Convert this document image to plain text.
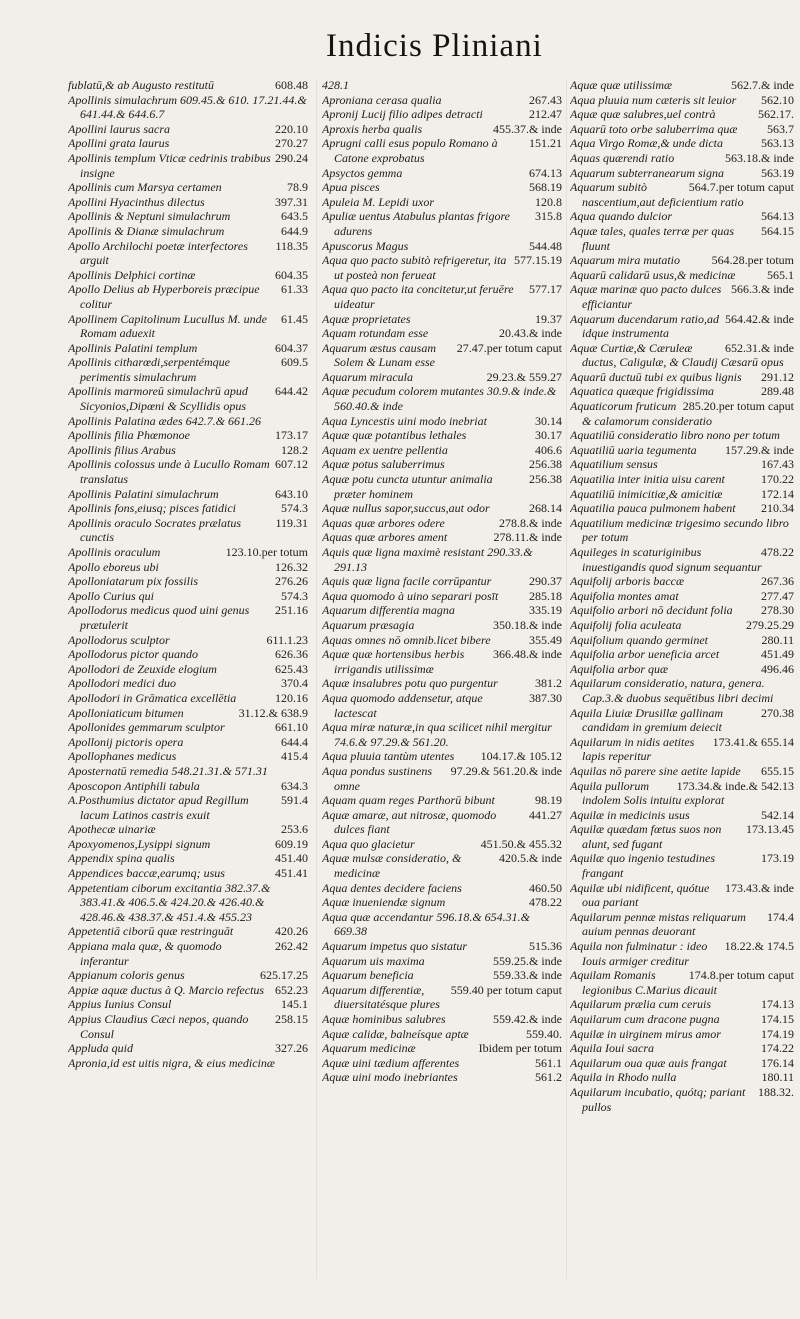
Indicis Pliniani
608.48
fublatū,& ab Augusto restitutū
Apollinis simulachrum 609.45.& 610. 17.21.44.& 641.44.& 644.6.7
220.10
Apollini laurus sacra
270.27
Apollini grata laurus
290.24
Apollinis templum Vticæ cedrinis trabibus insigne
78.9
Apollinis cum Marsya certamen
397.31
Apollini Hyacinthus dilectus
643.5
Apollinis & Neptuni simulachrum
644.9
Apollinis & Dianæ simulachrum
118.35
Apollo Archilochi poetæ interfectores arguit
604.35
Apollinis Delphici cortinæ
61.33
Apollo Delius ab Hyperboreis præcipue colitur
61.45
Apollinem Capitolinum Lucullus M. unde Romam aduexit
604.37
Apollinis Palatini templum
609.5
Apollinis citharœdi,serpentémque perimentis simulachrum
644.42
Apollinis marmoreū simulachrū apud Sicyonios,Dipœni & Scyllidis opus
Apollinis Palatina ædes 642.7.& 661.26
173.17
Apollinis filia Phœmonoe
128.2
Apollinis filius Arabus
607.12
Apollinis colossus unde à Lucullo Romam translatus
643.10
Apollinis Palatini simulachrum
574.3
Apollinis fons,eiusq; pisces fatidici
119.31
Apollinis oraculo Socrates prælatus cunctis
123.10.per totum
Apollinis oraculum
126.32
Apollo eboreus ubi
276.26
Apolloniatarum pix fossilis
574.3
Apollo Curius qui
251.16
Apollodorus medicus quod uini genus prætulerit
611.1.23
Apollodorus sculptor
626.36
Apollodorus pictor quando
625.43
Apollodori de Zeuxide elogium
370.4
Apollodori medici duo
120.16
Apollodori in Grāmatica excellētia
31.12.& 638.9
Apolloniaticum bitumen
661.10
Apollonides gemmarum sculptor
644.4
Apollonij pictoris opera
415.4
Apollophanes medicus
Aposternatū remedia 548.21.31.& 571.31
634.3
Aposcopon Antiphili tabula
591.4
A.Posthumius dictator apud Regillum lacum Latinos castris exuit
253.6
Apothecæ uinariæ
609.19
Apoxyomenos,Lysippi signum
451.40
Appendix spina qualis
451.41
Appendices baccæ,earumq; usus
Appetentiam ciborum excitantia 382.37.& 383.41.& 406.5.& 424.20.& 426.40.& 428.46.& 438.37.& 451.4.& 455.23
420.26
Appetentiā ciborū quæ restringuāt
262.42
Appiana mala quæ, & quomodo inferantur
625.17.25
Appianum coloris genus
652.23
Appiæ aquæ ductus à Q. Marcio refectus
145.1
Appius Iunius Consul
258.15
Appius Claudius Cæci nepos, quando Consul
327.26
Appluda quid
Apronia,id est uitis nigra, & eius medicinæ
428.1
267.43
Aproniana cerasa qualia
212.47
Apronij Lucij filio adipes detracti
455.37.& inde
Aproxis herba qualis
151.21
Aprugni calli esus populo Romano à Catone exprobatus
674.13
Apsyctos gemma
568.19
Apua pisces
120.8
Apuleia M. Lepidi uxor
315.8
Apuliæ uentus Atabulus plantas frigore adurens
544.48
Apuscorus Magus
577.15.19
Aqua quo pacto subitò refrigeretur, ita ut posteà non ferueat
577.17
Aqua quo pacto ita concitetur,ut feruēre uideatur
19.37
Aquæ proprietates
20.43.& inde
Aquam rotundam esse
27.47.per totum caput
Aquarum æstus causam Solem & Lunam esse
29.23.& 559.27
Aquarum miracula
Aquæ pecudum colorem mutantes 30.9.& inde.& 560.40.& inde
30.14
Aqua Lyncestis uini modo inebriat
30.17
Aquæ quæ potantibus lethales
406.6
Aquam ex uentre pellentia
256.38
Aquæ potus saluberrimus
256.38
Aquæ potu cuncta utuntur animalia præter hominem
268.14
Aquæ nullus sapor,succus,aut odor
278.8.& inde
Aquas quæ arbores odere
278.11.& inde
Aquas quæ arbores ament
Aquis quæ ligna maximè resistant 290.33.& 291.13
290.37
Aquis quæ ligna facile corrūpantur
285.18
Aqua quomodo à uino separari posīt
335.19
Aquarum differentia magna
350.18.& inde
Aquarum præsagia
355.49
Aquas omnes nō omnib.licet bibere
366.48.& inde
Aquæ quæ hortensibus herbis irrigandis utilissimæ
381.2
Aquæ insalubres potu quo purgentur
387.30
Aqua quomodo addensetur, atque lactescat
Aqua miræ naturæ,in qua scilicet nihil mergitur 74.6.& 97.29.& 561.20.
104.17.& 105.12
Aqua pluuia tantùm utentes
97.29.& 561.20.& inde
Aqua pondus sustinens omne
98.19
Aquam quam reges Parthorū bibunt
441.27
Aquæ amaræ, aut nitrosæ, quomodo dulces fiant
451.50.& 455.32
Aqua quo glacietur
420.5.& inde
Aquæ mulsæ consideratio, & medicinæ
460.50
Aqua dentes decidere faciens
478.22
Aquæ inueniendæ signum
Aqua quæ accendantur 596.18.& 654.31.& 669.38
515.36
Aquarum impetus quo sistatur
559.25.& inde
Aquarum uis maxima
559.33.& inde
Aquarum beneficia
559.40 per totum caput
Aquarum differentiæ, diuersitatésque plures
559.42.& inde
Aquæ hominibus salubres
559.40.
Aquæ calidæ, balneísque aptæ
Ibidem per totum
Aquarum medicinæ
561.1
Aquæ uini tædium afferentes
561.2
Aquæ uini modo inebriantes
562.7.& inde
Aquæ quæ utilissimæ
562.10
Aqua pluuia num cæteris sit leuior
562.17.
Aquæ quæ salubres,uel contrà
563.7
Aquarū toto orbe saluberrima quæ
563.13
Aqua Virgo Romæ,& unde dicta
563.18.& inde
Aquas quærendi ratio
563.19
Aquarum subterranearum signa
564.7.per totum caput
Aquarum subitò nascentium,aut deficientium ratio
564.13
Aqua quando dulcior
564.15
Aquæ tales, quales terræ per quas fluunt
564.28.per totum
Aquarum mira mutatio
565.1
Aquarū calidarū usus,& medicinæ
566.3.& inde
Aquæ marinæ quo pacto dulces efficiantur
564.42.& inde
Aquarum ducendarum ratio,ad idque instrumenta
652.31.& inde
Aquæ Curtiæ,& Cæruleæ ductus, Caligulæ, & Claudij Cæsarū opus
291.12
Aquarū ductuū tubi ex quibus lignis
289.48
Aquatica quæque frigidissima
285.20.per totum caput
Aquaticorum fruticum & calamorum consideratio
Aquatiliū consideratio libro nono per totum
157.29.& inde
Aquatiliū uaria tegumenta
167.43
Aquatilium sensus
170.22
Aquatilia inter initia uisu carent
172.14
Aquatiliū inimicitiæ,& amicitiæ
210.34
Aquatilia pauca pulmonem habent
Aquatilium medicinæ trigesimo secundo libro per totum
478.22
Aquileges in scaturiginibus inuestigandis quod signum sequantur
267.36
Aquifolij arboris baccæ
277.47
Aquifolia montes amat
278.30
Aquifolio arbori nō decidunt folia
279.25.29
Aquifolij folia aculeata
280.11
Aquifolium quando germinet
451.49
Aquifolia arbor ueneficia arcet
496.46
Aquifolia arbor quæ
Aquilarum consideratio, natura, genera. Cap.3.& duobus sequētibus libri decimi
270.38
Aquila Liuiæ Drusillæ gallinam candidam in gremium deiecit
173.41.& 655.14
Aquilarum in nidis aetites lapis reperitur
655.15
Aquilas nō parere sine aetite lapide
173.34.& inde.& 542.13
Aquila pullorum indolem Solis intuitu explorat
542.14
Aquilæ in medicinis usus
173.13.45
Aquilæ quædam fœtus suos non alunt, sed fugant
173.19
Aquilæ quo ingenio testudines frangant
173.43.& inde
Aquilæ ubi nidificent, quótue oua pariant
174.4
Aquilarum pennæ mistas reliquarum auium pennas deuorant
18.22.& 174.5
Aquila non fulminatur : ideo Iouis armiger creditur
174.8.per totum caput
Aquilam Romanis legionibus C.Marius dicauit
174.13
Aquilarum prælia cum ceruis
174.15
Aquilarum cum dracone pugna
174.19
Aquilæ in uirginem mirus amor
174.22
Aquila Ioui sacra
176.14
Aquilarum oua quæ auis frangat
180.11
Aquila in Rhodo nulla
188.32.
Aquilarum incubatio, quótq; pariant pullos
